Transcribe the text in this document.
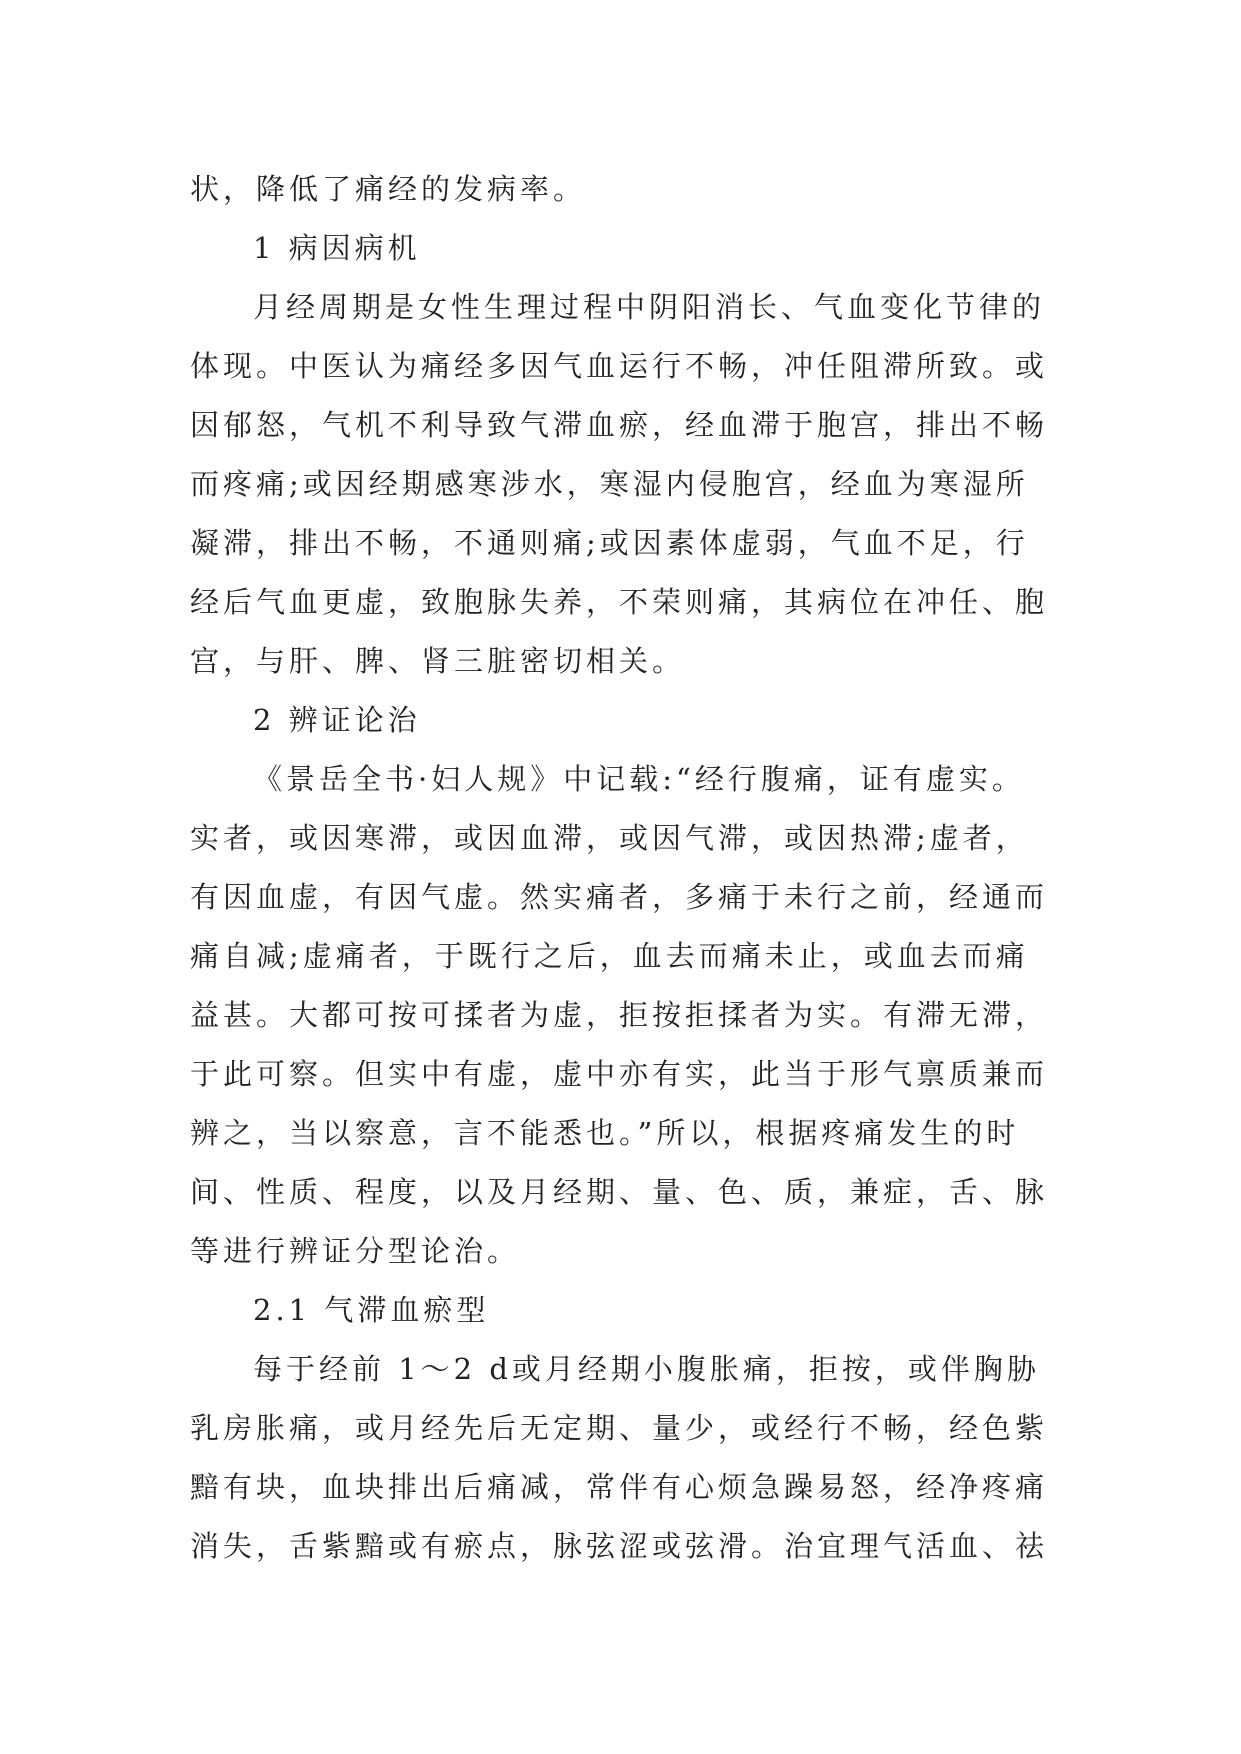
状，降低了痛经的发病率。
1 病因病机
月经周期是女性生理过程中阴阳消长、气血变化节律的
体现。中医认为痛经多因气血运行不畅，冲任阻滞所致。或
因郁怒，气机不利导致气滞血瘀，经血滞于胞宫，排出不畅
而疼痛;或因经期感寒涉水，寒湿内侵胞宫，经血为寒湿所
凝滞，排出不畅，不通则痛;或因素体虚弱，气血不足，行
经后气血更虚，致胞脉失养，不荣则痛，其病位在冲任、胞
宫，与肝、脾、肾三脏密切相关。
2 辨证论治
《景岳全书·妇人规》中记载:“经行腹痛，证有虚实。
实者，或因寒滞，或因血滞，或因气滞，或因热滞;虚者，
有因血虚，有因气虚。然实痛者，多痛于未行之前，经通而
痛自减;虚痛者，于既行之后，血去而痛未止，或血去而痛
益甚。大都可按可揉者为虚，拒按拒揉者为实。有滞无滞，
于此可察。但实中有虚，虚中亦有实，此当于形气禀质兼而
辨之，当以察意，言不能悉也。”所以，根据疼痛发生的时
间、性质、程度，以及月经期、量、色、质，兼症，舌、脉
等进行辨证分型论治。
2.1 气滞血瘀型
每于经前 1～2 d或月经期小腹胀痛，拒按，或伴胸胁
乳房胀痛，或月经先后无定期、量少，或经行不畅，经色紫
黯有块，血块排出后痛减，常伴有心烦急躁易怒，经净疼痛
消失，舌紫黯或有瘀点，脉弦涩或弦滑。治宜理气活血、祛
